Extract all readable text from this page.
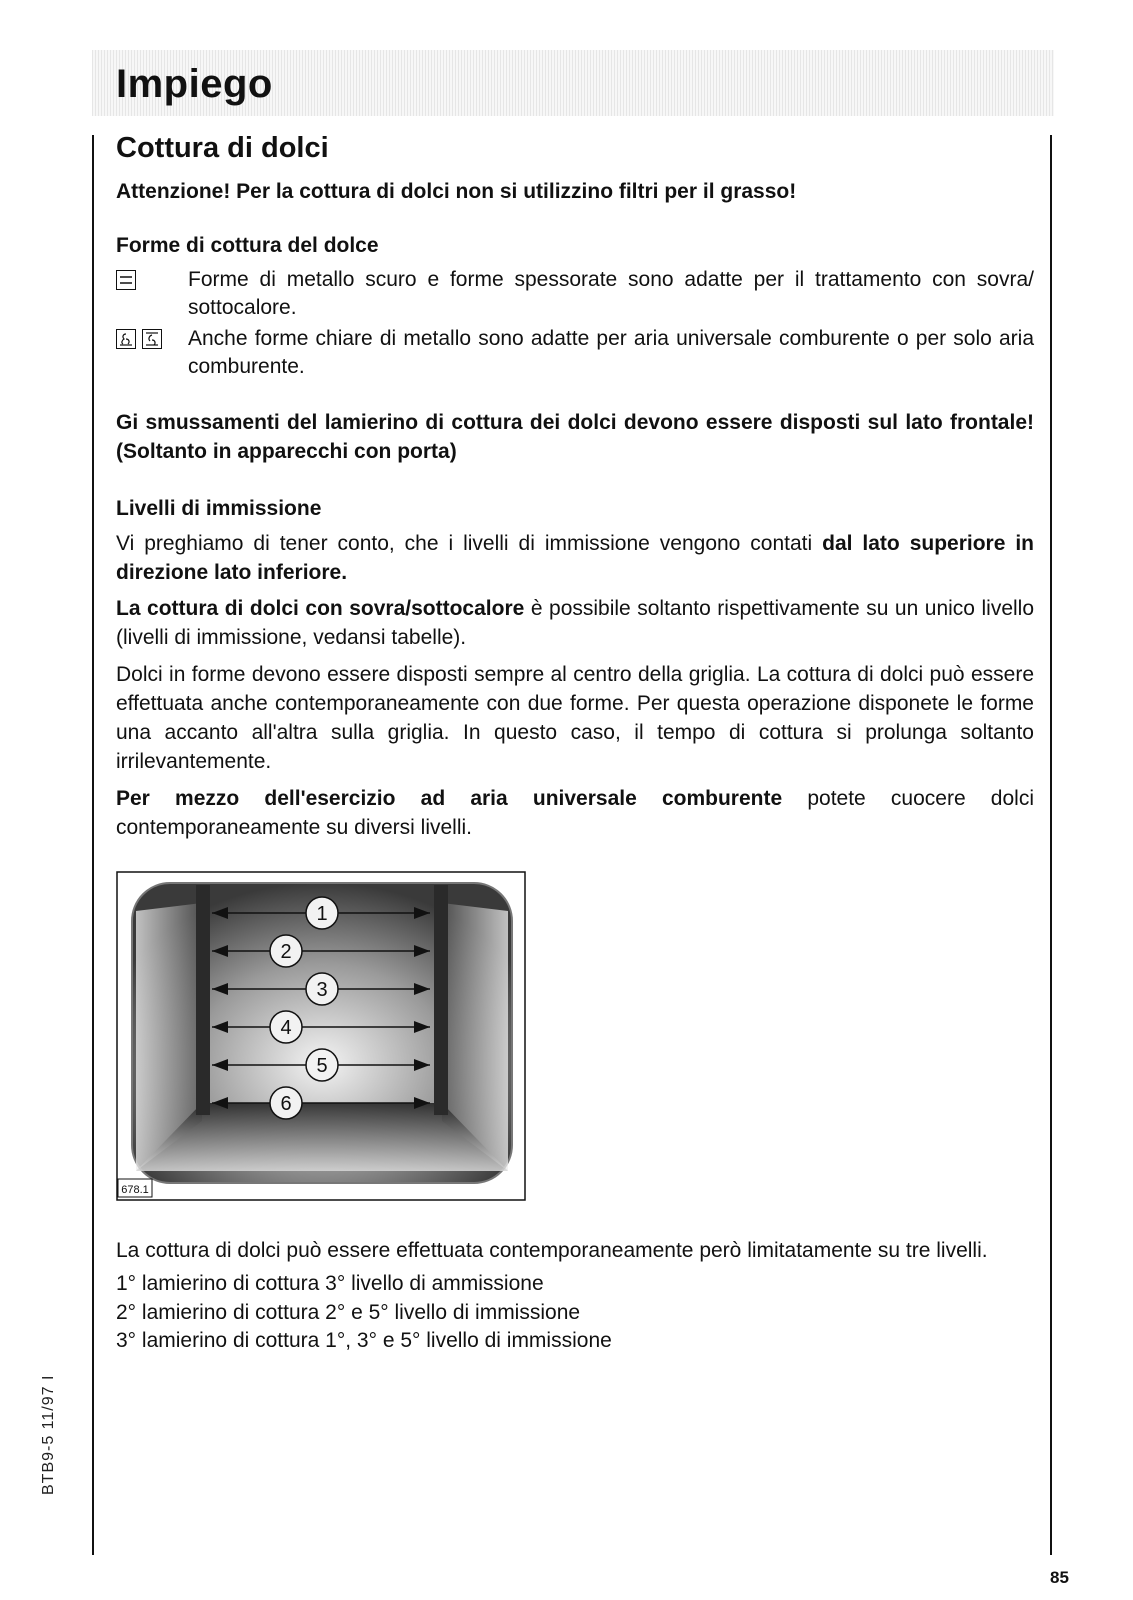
Impiego
Cottura di dolci
Attenzione! Per la cottura di dolci non si utilizzino filtri per il grasso!
Forme di cottura del dolce
Forme di metallo scuro e forme spessorate sono adatte per il trattamento con sovra/ sottocalore.
Anche forme chiare di metallo sono adatte per aria universale comburente o per solo aria comburente.
Gi smussamenti del lamierino di cottura dei dolci devono essere disposti sul lato frontale! (Soltanto in apparecchi con porta)
Livelli di immissione

Vi preghiamo di tener conto, che i livelli di immissione vengono contati dal lato superiore in direzione lato inferiore.

La cottura di dolci con sovra/sottocalore è possibile soltanto rispettivamente su un unico livello (livelli di immissione, vedansi tabelle).

Dolci in forme devono essere disposti sempre al centro della griglia. La cottura di dolci può essere effettuata anche contemporaneamente con due forme. Per questa operazione disponete le forme una accanto all'altra sulla griglia. In questo caso, il tempo di cottura si prolunga soltanto irrilevantemente.

Per mezzo dell'esercizio ad aria universale comburente potete cuocere dolci contemporaneamente su diversi livelli.

1
2
3
4
5
6
678.1

La cottura di dolci può essere effettuata contemporaneamente però limitatamente su tre livelli.

1° lamierino di cottura 3° livello di ammissione

2° lamierino di cottura 2° e 5° livello di immissione

3° lamierino di cottura 1°, 3° e 5° livello di immissione

BTB9-5 11/97 I
85
